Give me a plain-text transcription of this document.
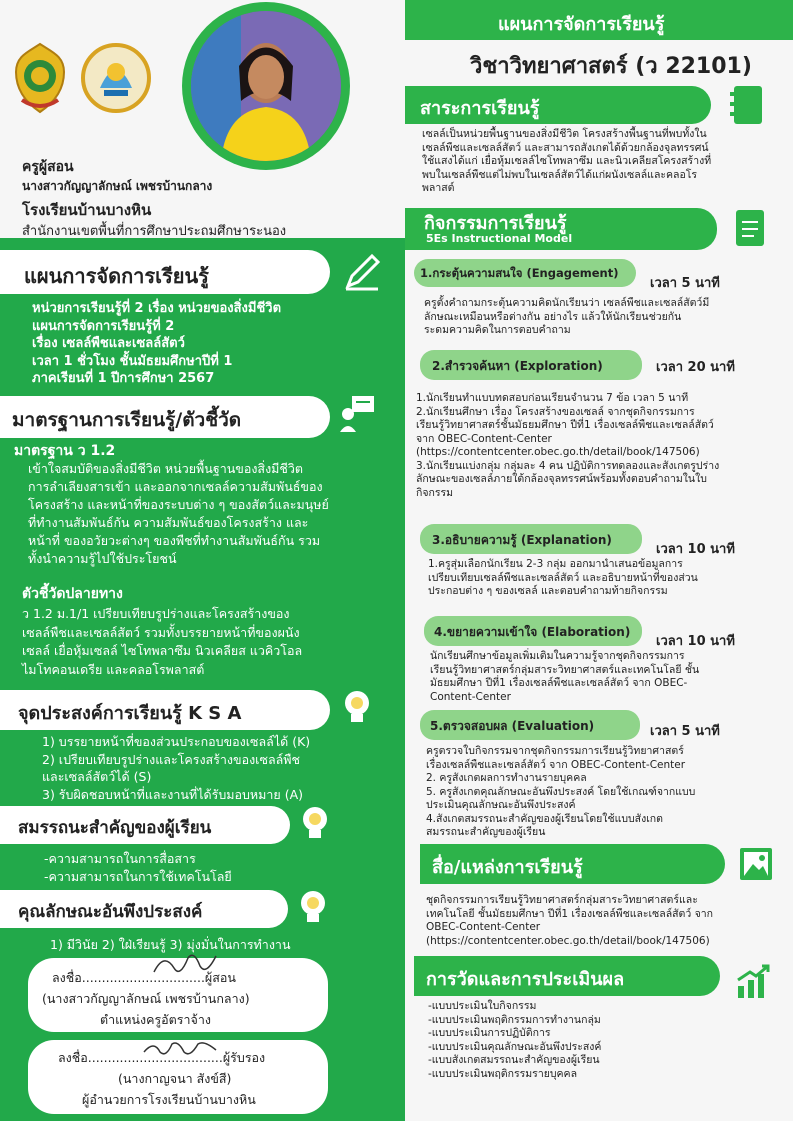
ครูผู้สอน
นางสาวกัญญาลักษณ์ เพชรบ้านกลาง
โรงเรียนบ้านบางหิน
สำนักงานเขตพื้นที่การศึกษาประถมศึกษาระนอง
แผนการจัดการเรียนรู้
หน่วยการเรียนรู้ที่ 2 เรื่อง หน่วยของสิ่งมีชีวิต
แผนการจัดการเรียนรู้ที่ 2
เรื่อง เซลล์พืชและเซลล์สัตว์
เวลา 1 ชั่วโมง ชั้นมัธยมศึกษาปีที่ 1
ภาคเรียนที่ 1 ปีการศึกษา 2567
มาตรฐานการเรียนรู้/ตัวชี้วัด
มาตรฐาน ว 1.2
เข้าใจสมบัติของสิ่งมีชีวิต หน่วยพื้นฐานของสิ่งมีชีวิต
การลำเลียงสารเข้า และออกจากเซลล์ความสัมพันธ์ของ
โครงสร้าง และหน้าที่ของระบบต่าง ๆ ของสัตว์และมนุษย์
ที่ทำงานสัมพันธ์กัน ความสัมพันธ์ของโครงสร้าง และ
หน้าที่ ของอวัยวะต่างๆ ของพืชที่ทำงานสัมพันธ์กัน รวม
ทั้งนำความรู้ไปใช้ประโยชน์
ตัวชี้วัดปลายทาง
ว 1.2 ม.1/1 เปรียบเทียบรูปร่างและโครงสร้างของ
เซลล์พืชและเซลล์สัตว์ รวมทั้งบรรยายหน้าที่ของผนัง
เซลล์ เยื่อหุ้มเซลล์ ไซโทพลาซึม นิวเคลียส แวคิวโอล
ไมโทคอนเดรีย และคลอโรพลาสต์
จุดประสงค์การเรียนรู้ K S A
1) บรรยายหน้าที่ของส่วนประกอบของเซลล์ได้ (K)
2) เปรียบเทียบรูปร่างและโครงสร้างของเซลล์พืช
และเซลล์สัตว์ได้ (S)
3) รับผิดชอบหน้าที่และงานที่ได้รับมอบหมาย (A)
สมรรถนะสำคัญของผู้เรียน
-ความสามารถในการสื่อสาร
-ความสามารถในการใช้เทคโนโลยี
คุณลักษณะอันพึงประสงค์
1) มีวินัย 2) ใฝ่เรียนรู้ 3) มุ่งมั่นในการทำงาน
ลงชื่อ...............................ผู้สอน
(นางสาวกัญญาลักษณ์ เพชรบ้านกลาง)
ตำแหน่งครูอัตราจ้าง
ลงชื่อ..................................ผู้รับรอง
(นางกาญจนา สังข์สี)
ผู้อำนวยการโรงเรียนบ้านบางหิน
แผนการจัดการเรียนรู้
วิชาวิทยาศาสตร์ (ว 22101)
สาระการเรียนรู้
เซลล์เป็นหน่วยพื้นฐานของสิ่งมีชีวิต โครงสร้างพื้นฐานที่พบทั้งใน
เซลล์พืชและเซลล์สัตว์ และสามารถสังเกตได้ด้วยกล้องจุลทรรศน์
ใช้แสงได้แก่ เยื่อหุ้มเซลล์ไซโทพลาซึม และนิวเคลียสโครงสร้างที่
พบในเซลล์พืชแต่ไม่พบในเซลล์สัตว์ได้แก่ผนังเซลล์และคลอโร
พลาสต์
กิจกรรมการเรียนรู้
5Es Instructional Model
1.กระตุ้นความสนใจ (Engagement)
เวลา 5 นาที
ครูตั้งคำถามกระตุ้นความคิดนักเรียนว่า เซลล์พืชและเซลล์สัตว์มี
ลักษณะเหมือนหรือต่างกัน อย่างไร แล้วให้นักเรียนช่วยกัน
ระดมความคิดในการตอบคำถาม
2.สำรวจค้นหา (Exploration)	เวลา 20 นาที
1.นักเรียนทำแบบทดสอบก่อนเรียนจำนวน 7 ข้อ เวลา 5 นาที
2.นักเรียนศึกษา เรื่อง โครงสร้างของเซลล์ จากชุดกิจกรรมการ
เรียนรู้วิทยาศาสตร์ชั้นมัธยมศึกษา ปีที่1 เรื่องเซลล์พืชและเซลล์สัตว์
จาก OBEC-Content-Center
(https://contentcenter.obec.go.th/detail/book/147506)
3.นักเรียนแบ่งกลุ่ม กลุ่มละ 4 คน ปฏิบัติการทดลองและสังเกตรูปร่าง
ลักษณะของเซลล์ภายใต้กล้องจุลทรรศน์พร้อมทั้งตอบคำถามในใบ
กิจกรรม
3.อธิบายความรู้ (Explanation)
เวลา 10 นาที
1.ครูสุ่มเลือกนักเรียน 2-3 กลุ่ม ออกมานำเสนอข้อมูลการ
เปรียบเทียบเซลล์พืชและเซลล์สัตว์ และอธิบายหน้าที่ของส่วน
ประกอบต่าง ๆ ของเซลล์ และตอบคำถามท้ายกิจกรรม
4.ขยายความเข้าใจ (Elaboration)
เวลา 10 นาที
นักเรียนศึกษาข้อมูลเพิ่มเติมในความรู้จากชุดกิจกรรมการ
เรียนรู้วิทยาศาสตร์กลุ่มสาระวิทยาศาสตร์และเทคโนโลยี ชั้น
มัธยมศึกษา ปีที่1 เรื่องเซลล์พืชและเซลล์สัตว์ จาก OBEC-
Content-Center
5.ตรวจสอบผล (Evaluation)	เวลา 5 นาที
ครูตรวจใบกิจกรรมจากชุดกิจกรรมการเรียนรู้วิทยาศาสตร์
เรื่องเซลล์พืชและเซลล์สัตว์ จาก OBEC-Content-Center
2. ครูสังเกตผลการทำงานรายบุคคล
5. ครูสังเกตคุณลักษณะอันพึงประสงค์ โดยใช้เกณฑ์จากแบบ
ประเมินคุณลักษณะอันพึงประสงค์
4.สังเกตสมรรถนะสำคัญของผู้เรียนโดยใช้แบบสังเกต
สมรรถนะสำคัญของผู้เรียน
สื่อ/แหล่งการเรียนรู้
ชุดกิจกรรมการเรียนรู้วิทยาศาสตร์กลุ่มสาระวิทยาศาสตร์และ
เทคโนโลยี ชั้นมัธยมศึกษา ปีที่1 เรื่องเซลล์พืชและเซลล์สัตว์ จาก
OBEC-Content-Center
(https://contentcenter.obec.go.th/detail/book/147506)
การวัดและการประเมินผล
-แบบประเมินใบกิจกรรม
-แบบประเมินพฤติกรรมการทำงานกลุ่ม
-แบบประเมินการปฏิบัติการ
-แบบประเมินคุณลักษณะอันพึงประสงค์
-แบบสังเกตสมรรถนะสำคัญของผู้เรียน
-แบบประเมินพฤติกรรมรายบุคคล
